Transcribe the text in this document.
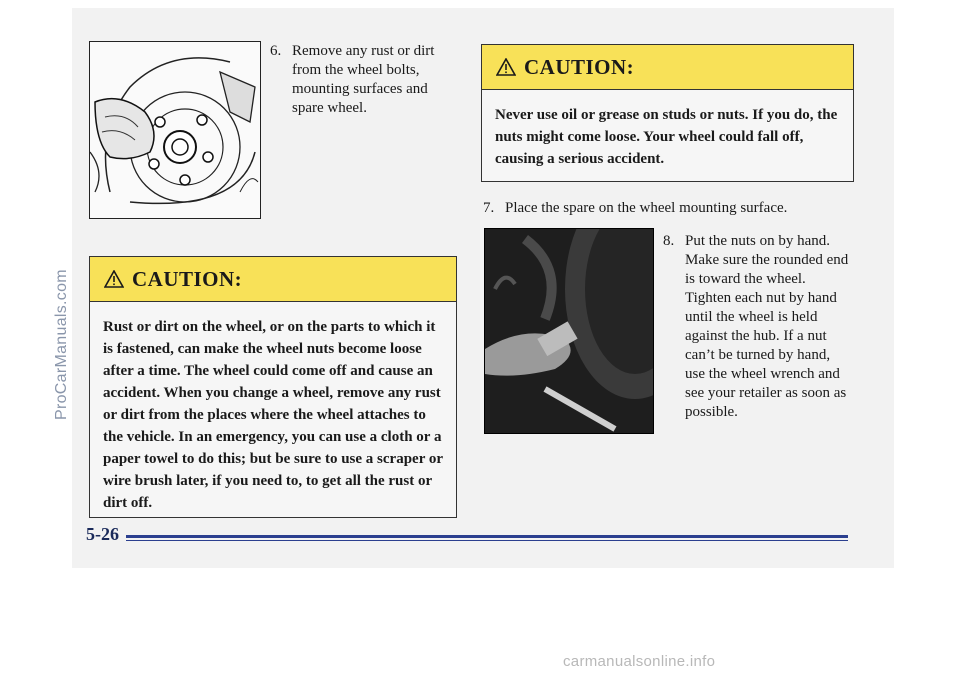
6. Remove any rust or dirt from the wheel bolts, mounting surfaces and spare wheel.
CAUTION:
Never use oil or grease on studs or nuts. If you do, the nuts might come loose. Your wheel could fall off, causing a serious accident.
7. Place the spare on the wheel mounting surface.
8. Put the nuts on by hand. Make sure the rounded end is toward the wheel. Tighten each nut by hand until the wheel is held against the hub. If a nut can’t be turned by hand, use the wheel wrench and see your retailer as soon as possible.
CAUTION:
Rust or dirt on the wheel, or on the parts to which it is fastened, can make the wheel nuts become loose after a time. The wheel could come off and cause an accident. When you change a wheel, remove any rust or dirt from the places where the wheel attaches to the vehicle. In an emergency, you can use a cloth or a paper towel to do this; but be sure to use a scraper or wire brush later, if you need to, to get all the rust or dirt off.
5-26
ProCarManuals.com
carmanualsonline.info
